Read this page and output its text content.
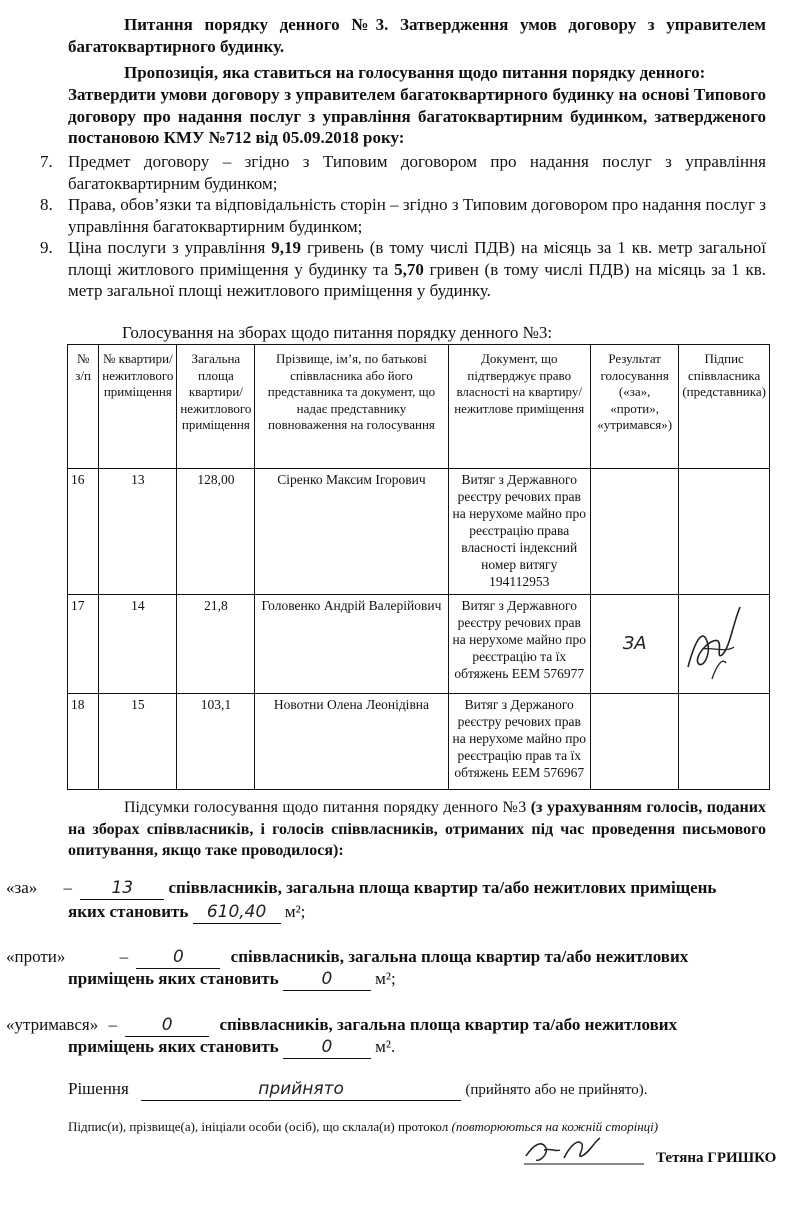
Питання порядку денного №3. Затвердження умов договору з управителем багатоквартирного будинку.

Пропозиція, яка ставиться на голосування щодо питання порядку денного:

Затвердити умови договору з управителем багатоквартирного будинку на основі Типового договору про надання послуг з управління багатоквартирним будинком, затвердженого постановою КМУ №712 від 05.09.2018 року:

7. Предмет договору – згідно з Типовим договором про надання послуг з управління багатоквартирним будинком;
8. Права, обов’язки та відповідальність сторін – згідно з Типовим договором про надання послуг з управління багатоквартирним будинком;
9. Ціна послуги з управління 9,19 гривень (в тому числі ПДВ) на місяць за 1 кв. метр загальної площі житлового приміщення у будинку та 5,70 гривен (в тому числі ПДВ) на місяць за 1 кв. метр загальної площі нежитлового приміщення у будинку.

Голосування на зборах щодо питання порядку денного №3:

№ з/п	№ квартири/ нежитлового приміщення	Загальна площа квартири/ нежитлового приміщення	Прізвище, ім’я, по батькові співвласника або його представника та документ, що надає представнику повноваження на голосування	Документ, що підтверджує право власності на квартиру/ нежитлове приміщення	Результат голосування («за», «проти», «утримався»)	Підпис співвласника (представника)
16	13	128,00	Сіренко Максим Ігорович	Витяг з Державного реєстру речових прав на нерухоме майно про реєстрацію права власності індексний номер витягу 194112953		
17	14	21,8	Головенко Андрій Валерійович	Витяг з Державного реєстру речових прав на нерухоме майно про реєстрацію та їх обтяжень ЕЕМ 576977	ЗА	
18	15	103,1	Новотни Олена Леонідівна	Витяг з Держаного реєстру речових прав на нерухоме майно про реєстрацію прав та їх обтяжень ЕЕМ 576967		

Підсумки голосування щодо питання порядку денного №3 (з урахуванням голосів, поданих на зборах співвласників, і голосів співвласників, отриманих під час проведення письмового опитування, якщо таке проводилося):

«за» – 13 співвласників, загальна площа квартир та/або нежитлових приміщень
яких становить 610,40 м²;
«проти»	–	0	співвласників, загальна площа квартир та/або нежитлових
приміщень яких становить	0	м²;
«утримався» –	0	співвласників, загальна площа квартир та/або нежитлових
приміщень яких становить	0	м².
Рішення	прийнято	(прийнято або не прийнято).
Підпис(и), прізвище(а), ініціали особи (осіб), що склала(и) протокол (повторюються на кожній сторінці)
Тетяна ГРИШКО
